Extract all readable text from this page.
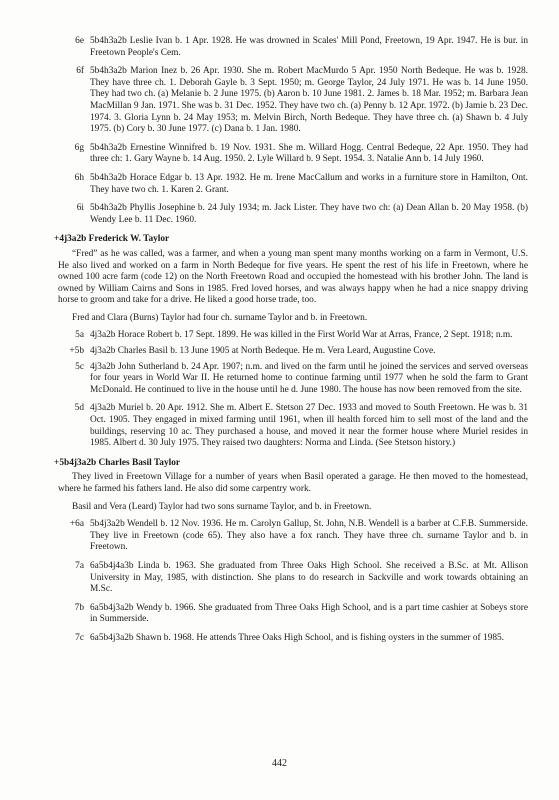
6e 5b4h3a2b Leslie Ivan b. 1 Apr. 1928. He was drowned in Scales' Mill Pond, Freetown, 19 Apr. 1947. He is bur. in Freetown People's Cem.
6f 5b4h3a2b Marion Inez b. 26 Apr. 1930. She m. Robert MacMurdo 5 Apr. 1950 North Bedeque. He was b. 1928. They have three ch. 1. Deborah Gayle b. 3 Sept. 1950; m. George Taylor, 24 July 1971. He was b. 14 June 1950. They had two ch. (a) Melanie b. 2 June 1975. (b) Aaron b. 10 June 1981. 2. James b. 18 Mar. 1952; m. Barbara Jean MacMillan 9 Jan. 1971. She was b. 31 Dec. 1952. They have two ch. (a) Penny b. 12 Apr. 1972. (b) Jamie b. 23 Dec. 1974. 3. Gloria Lynn b. 24 May 1953; m. Melvin Birch, North Bedeque. They have three ch. (a) Shawn b. 4 July 1975. (b) Cory b. 30 June 1977. (c) Dana b. 1 Jan. 1980.
6g 5b4h3a2b Ernestine Winnifred b. 19 Nov. 1931. She m. Willard Hogg. Central Bedeque, 22 Apr. 1950. They had three ch: 1. Gary Wayne b. 14 Aug. 1950. 2. Lyle Willard b. 9 Sept. 1954. 3. Natalie Ann b. 14 July 1960.
6h 5b4h3a2b Horace Edgar b. 13 Apr. 1932. He m. Irene MacCallum and works in a furniture store in Hamilton, Ont. They have two ch. 1. Karen 2. Grant.
6i 5b4h3a2b Phyllis Josephine b. 24 July 1934; m. Jack Lister. They have two ch: (a) Dean Allan b. 20 May 1958. (b) Wendy Lee b. 11 Dec. 1960.
+4j3a2b Frederick W. Taylor
“Fred” as he was called, was a farmer, and when a young man spent many months working on a farm in Vermont, U.S. He also lived and worked on a farm in North Bedeque for five years. He spent the rest of his life in Freetown, where he owned 100 acre farm (code 12) on the North Freetown Road and occupied the homestead with his brother John. The land is owned by William Cairns and Sons in 1985. Fred loved horses, and was always happy when he had a nice snappy driving horse to groom and take for a drive. He liked a good horse trade, too.
Fred and Clara (Burns) Taylor had four ch. surname Taylor and b. in Freetown.
5a 4j3a2b Horace Robert b. 17 Sept. 1899. He was killed in the First World War at Arras, France, 2 Sept. 1918; n.m.
+5b 4j3a2b Charles Basil b. 13 June 1905 at North Bedeque. He m. Vera Leard, Augustine Cove.
5c 4j3a2b John Sutherland b. 24 Apr. 1907; n.m. and lived on the farm until he joined the services and served overseas for four years in World War II. He returned home to continue farming until 1977 when he sold the farm to Grant McDonald. He continued to live in the house until he d. June 1980. The house has now been removed from the site.
5d 4j3a2b Muriel b. 20 Apr. 1912. She m. Albert E. Stetson 27 Dec. 1933 and moved to South Freetown. He was b. 31 Oct. 1905. They engaged in mixed farming until 1961, when ill health forced him to sell most of the land and the buildings, reserving 10 ac. They purchased a house, and moved it near the former house where Muriel resides in 1985. Albert d. 30 July 1975. They raised two daughters: Norma and Linda. (See Stetson history.)
+5b4j3a2b Charles Basil Taylor
They lived in Freetown Village for a number of years when Basil operated a garage. He then moved to the homestead, where he farmed his fathers land. He also did some carpentry work.
Basil and Vera (Leard) Taylor had two sons surname Taylor, and b. in Freetown.
+6a 5b4j3a2b Wendell b. 12 Nov. 1936. He m. Carolyn Gallup, St. John, N.B. Wendell is a barber at C.F.B. Summerside. They live in Freetown (code 65). They also have a fox ranch. They have three ch. surname Taylor and b. in Freetown.
7a 6a5b4j4a3b Linda b. 1963. She graduated from Three Oaks High School. She received a B.Sc. at Mt. Allison University in May, 1985, with distinction. She plans to do research in Sackville and work towards obtaining an M.Sc.
7b 6a5b4j3a2b Wendy b. 1966. She graduated from Three Oaks High School, and is a part time cashier at Sobeys store in Summerside.
7c 6a5b4j3a2b Shawn b. 1968. He attends Three Oaks High School, and is fishing oysters in the summer of 1985.
442
